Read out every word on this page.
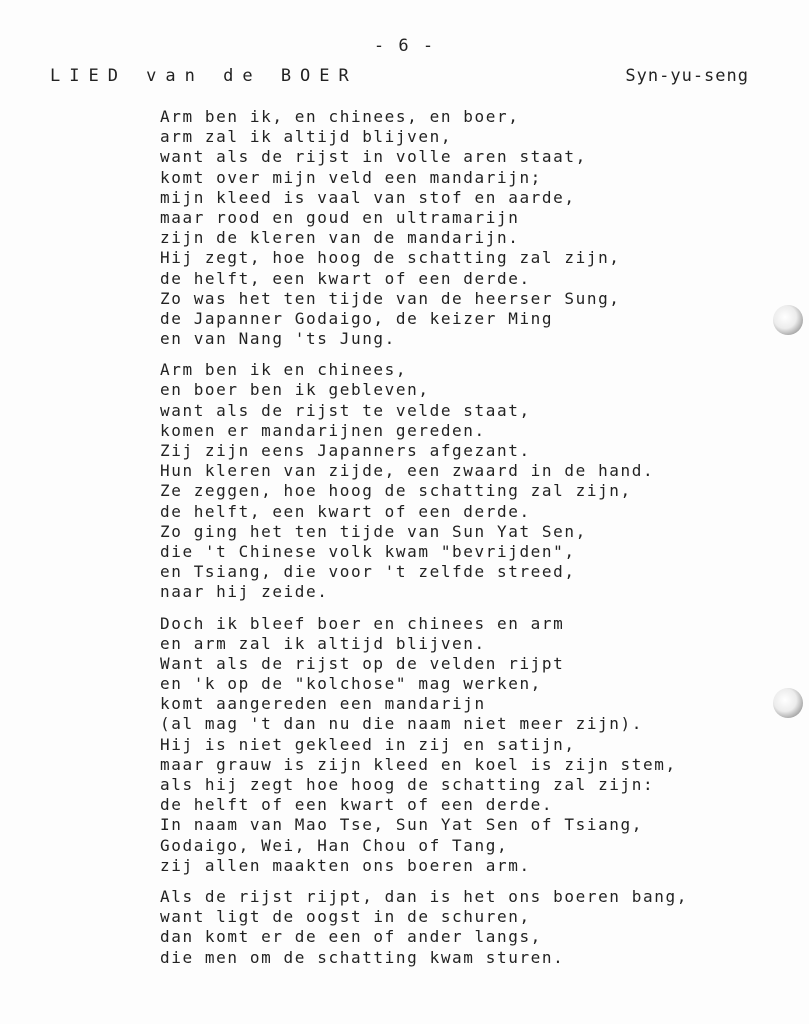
- 6 -
LIED van de BOER	Syn-yu-seng
Arm ben ik, en chinees, en boer,
arm zal ik altijd blijven,
want als de rijst in volle aren staat,
komt over mijn veld een mandarijn;
mijn kleed is vaal van stof en aarde,
maar rood en goud en ultramarijn
zijn de kleren van de mandarijn.
Hij zegt, hoe hoog de schatting zal zijn,
de helft, een kwart of een derde.
Zo was het ten tijde van de heerser Sung,
de Japanner Godaigo, de keizer Ming
en van Nang 'ts Jung.
Arm ben ik en chinees,
en boer ben ik gebleven,
want als de rijst te velde staat,
komen er mandarijnen gereden.
Zij zijn eens Japanners afgezant.
Hun kleren van zijde, een zwaard in de hand.
Ze zeggen, hoe hoog de schatting zal zijn,
de helft, een kwart of een derde.
Zo ging het ten tijde van Sun Yat Sen,
die 't Chinese volk kwam "bevrijden",
en Tsiang, die voor 't zelfde streed,
naar hij zeide.
Doch ik bleef boer en chinees en arm
en arm zal ik altijd blijven.
Want als de rijst op de velden rijpt
en 'k op de "kolchose" mag werken,
komt aangereden een mandarijn
(al mag 't dan nu die naam niet meer zijn).
Hij is niet gekleed in zij en satijn,
maar grauw is zijn kleed en koel is zijn stem,
als hij zegt hoe hoog de schatting zal zijn:
de helft of een kwart of een derde.
In naam van Mao Tse, Sun Yat Sen of Tsiang,
Godaigo, Wei, Han Chou of Tang,
zij allen maakten ons boeren arm.
Als de rijst rijpt, dan is het ons boeren bang,
want ligt de oogst in de schuren,
dan komt er de een of ander langs,
die men om de schatting kwam sturen.
